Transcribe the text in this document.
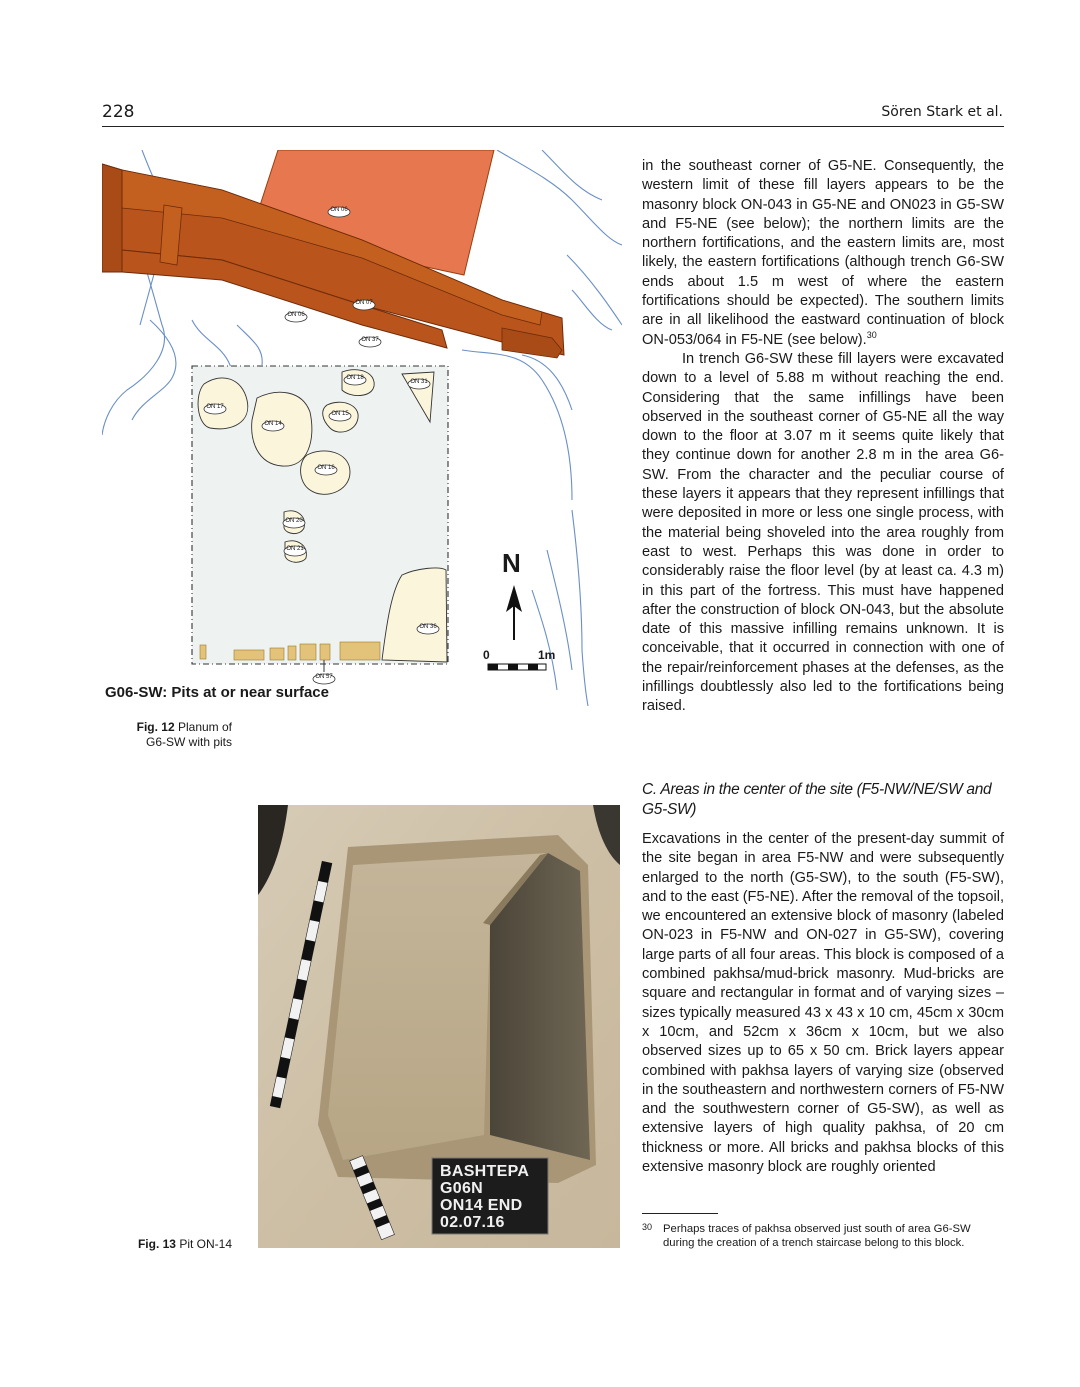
228	Sören Stark et al.
ON 06
ON 07
ON 06
ON 37
ON 18
ON 31
ON 17
ON 14
ON 15
ON 16
ON 20
ON 21
ON 36
ON 57
N
0	1m
G06-SW: Pits at or near surface
Fig. 12 Planum of
G6-SW with pits
BASHTEPA
G06N
ON14 END
02.07.16
Fig. 13 Pit ON-14

in the southeast corner of G5-NE. Consequently, the western limit of these fill layers appears to be the masonry block ON-043 in G5-NE and ON023 in G5-SW and F5-NE (see below); the northern limits are the northern fortifications, and the eastern limits are, most likely, the eastern fortifications (although trench G6-SW ends about 1.5 m west of where the eastern fortifications should be expected). The southern limits are in all likelihood the eastward continuation of block ON-053/064 in F5-NE (see below).$^{30}$

In trench G6-SW these fill layers were excavated down to a level of 5.88 m without reaching the end. Considering that the same infillings have been observed in the southeast corner of G5-NE all the way down to the floor at 3.07 m it seems quite likely that they continue down for another 2.8 m in the area G6-SW. From the character and the peculiar course of these layers it appears that they represent infillings that were deposited in more or less one single process, with the material being shoveled into the area roughly from east to west. Perhaps this was done in order to considerably raise the floor level (by at least ca. 4.3 m) in this part of the fortress. This must have happened after the construction of block ON-043, but the absolute date of this massive infilling remains unknown. It is conceivable, that it occurred in connection with one of the repair/reinforcement phases at the defenses, as the infillings doubtlessly also led to the fortifications being raised.

C. Areas in the center of the site (F5-NW/NE/SW and G5-SW)

Excavations in the center of the present-day summit of the site began in area F5-NW and were subsequently enlarged to the north (G5-SW), to the south (F5-SW), and to the east (F5-NE). After the removal of the topsoil, we encountered an extensive block of masonry (labeled ON-023 in F5-NW and ON-027 in G5-SW), covering large parts of all four areas. This block is composed of a combined pakhsa/mud-brick masonry. Mud-bricks are square and rectangular in format and of varying sizes – sizes typically measured 43 x 43 x 10 cm, 45cm x 30cm x 10cm, and 52cm x 36cm x 10cm, but we also observed sizes up to 65 x 50 cm. Brick layers appear combined with pakhsa layers of varying size (observed in the southeastern and northwestern corners of F5-NW and the southwestern corner of G5-SW), as well as extensive layers of high quality pakhsa, of 20 cm thickness or more. All bricks and pakhsa blocks of this extensive masonry block are roughly oriented

30 Perhaps traces of pakhsa observed just south of area G6-SW during the creation of a trench staircase belong to this block.
